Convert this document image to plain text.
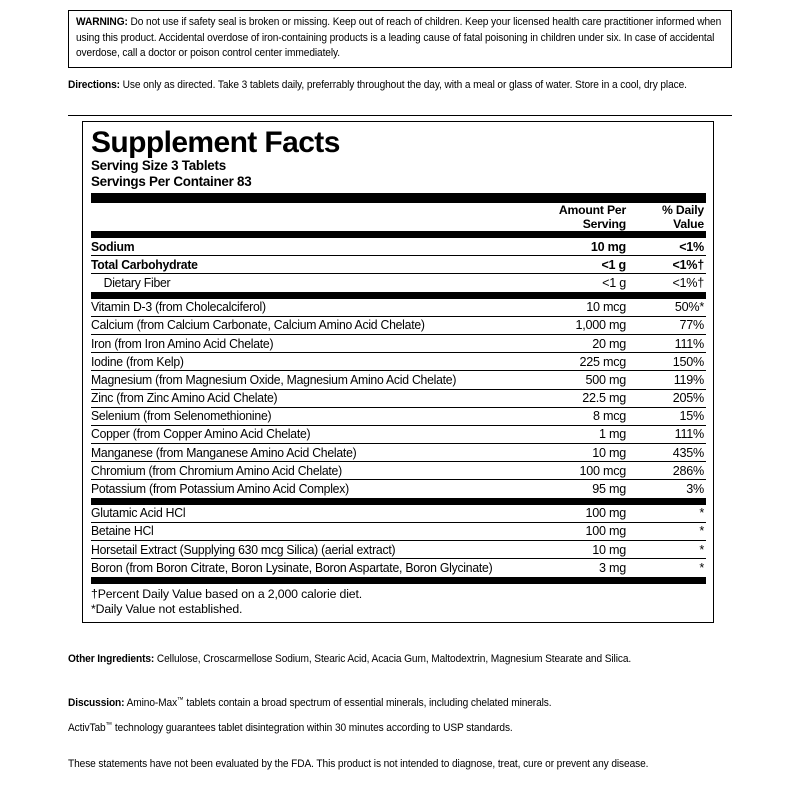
WARNING: Do not use if safety seal is broken or missing. Keep out of reach of children. Keep your licensed health care practitioner informed when using this product. Accidental overdose of iron-containing products is a leading cause of fatal poisoning in children under six. In case of accidental overdose, call a doctor or poison control center immediately.
Directions: Use only as directed. Take 3 tablets daily, preferrably throughout the day, with a meal or glass of water. Store in a cool, dry place.
Supplement Facts
Serving Size 3 Tablets
Servings Per Container 83
	Amount Per
Serving	% Daily
Value

Sodium	10 mg	<1%
Total Carbohydrate	<1 g	<1%†
Dietary Fiber	<1 g	<1%†

Vitamin D-3 (from Cholecalciferol)	10 mcg	50%*
Calcium (from Calcium Carbonate, Calcium Amino Acid Chelate)	1,000 mg	77%
Iron (from Iron Amino Acid Chelate)	20 mg	111%
Iodine (from Kelp)	225 mcg	150%
Magnesium (from Magnesium Oxide, Magnesium Amino Acid Chelate)	500 mg	119%
Zinc (from Zinc Amino Acid Chelate)	22.5 mg	205%
Selenium (from Selenomethionine)	8 mcg	15%
Copper (from Copper Amino Acid Chelate)	1 mg	111%
Manganese (from Manganese Amino Acid Chelate)	10 mg	435%
Chromium (from Chromium Amino Acid Chelate)	100 mcg	286%
Potassium (from Potassium Amino Acid Complex)	95 mg	3%

Glutamic Acid HCl	100 mg	*
Betaine HCl	100 mg	*
Horsetail Extract (Supplying 630 mcg Silica) (aerial extract)	10 mg	*
Boron (from Boron Citrate, Boron Lysinate, Boron Aspartate, Boron Glycinate)	3 mg	*
†Percent Daily Value based on a 2,000 calorie diet.
*Daily Value not established.
Other Ingredients: Cellulose, Croscarmellose Sodium, Stearic Acid, Acacia Gum, Maltodextrin, Magnesium Stearate and Silica.
Discussion: Amino-Max™ tablets contain a broad spectrum of essential minerals, including chelated minerals.
ActivTab™ technology guarantees tablet disintegration within 30 minutes according to USP standards.
These statements have not been evaluated by the FDA. This product is not intended to diagnose, treat, cure or prevent any disease.
